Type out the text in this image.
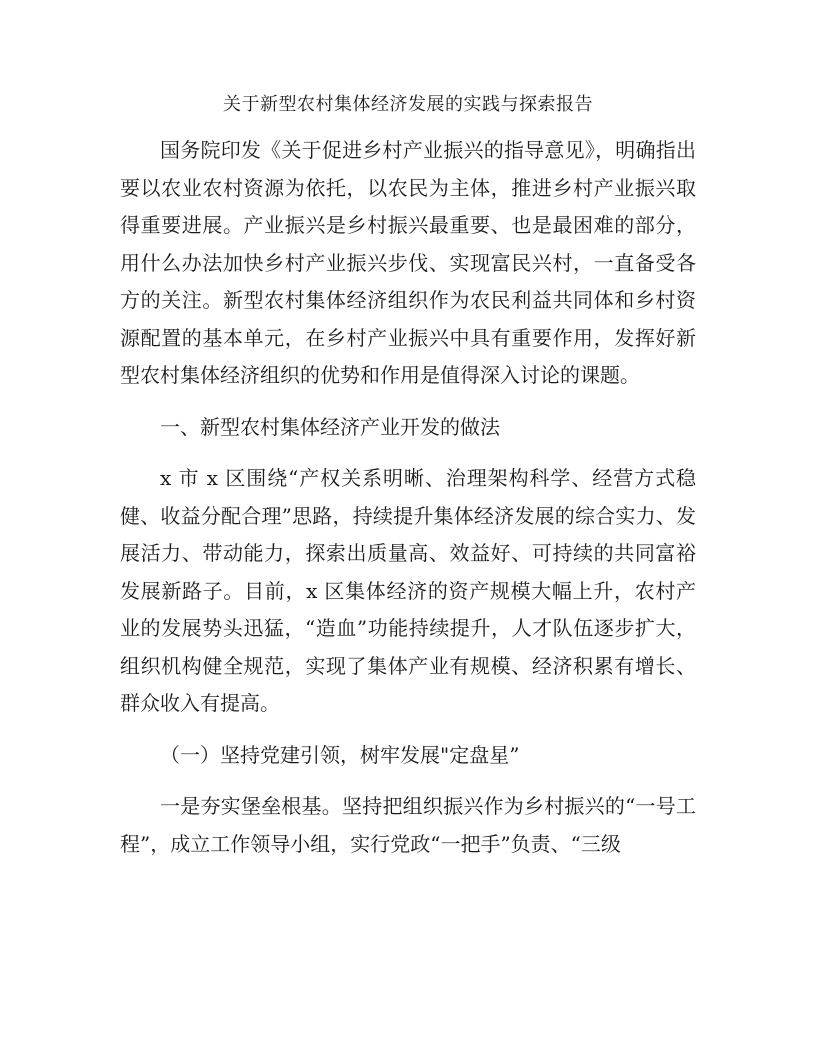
关于新型农村集体经济发展的实践与探索报告

国务院印发《关于促进乡村产业振兴的指导意见》，明确指出要以农业农村资源为依托，以农民为主体，推进乡村产业振兴取得重要进展。产业振兴是乡村振兴最重要、也是最困难的部分，用什么办法加快乡村产业振兴步伐、实现富民兴村，一直备受各方的关注。新型农村集体经济组织作为农民利益共同体和乡村资源配置的基本单元，在乡村产业振兴中具有重要作用，发挥好新型农村集体经济组织的优势和作用是值得深入讨论的课题。

一、新型农村集体经济产业开发的做法

x 市 x 区围绕“产权关系明晰、治理架构科学、经营方式稳健、收益分配合理”思路，持续提升集体经济发展的综合实力、发展活力、带动能力，探索出质量高、效益好、可持续的共同富裕发展新路子。目前，x 区集体经济的资产规模大幅上升，农村产业的发展势头迅猛，“造血”功能持续提升，人才队伍逐步扩大，组织机构健全规范，实现了集体产业有规模、经济积累有增长、群众收入有提高。

（一）坚持党建引领，树牢发展"定盘星”

一是夯实堡垒根基。坚持把组织振兴作为乡村振兴的“一号工程”，成立工作领导小组，实行党政“一把手”负责、“三级
